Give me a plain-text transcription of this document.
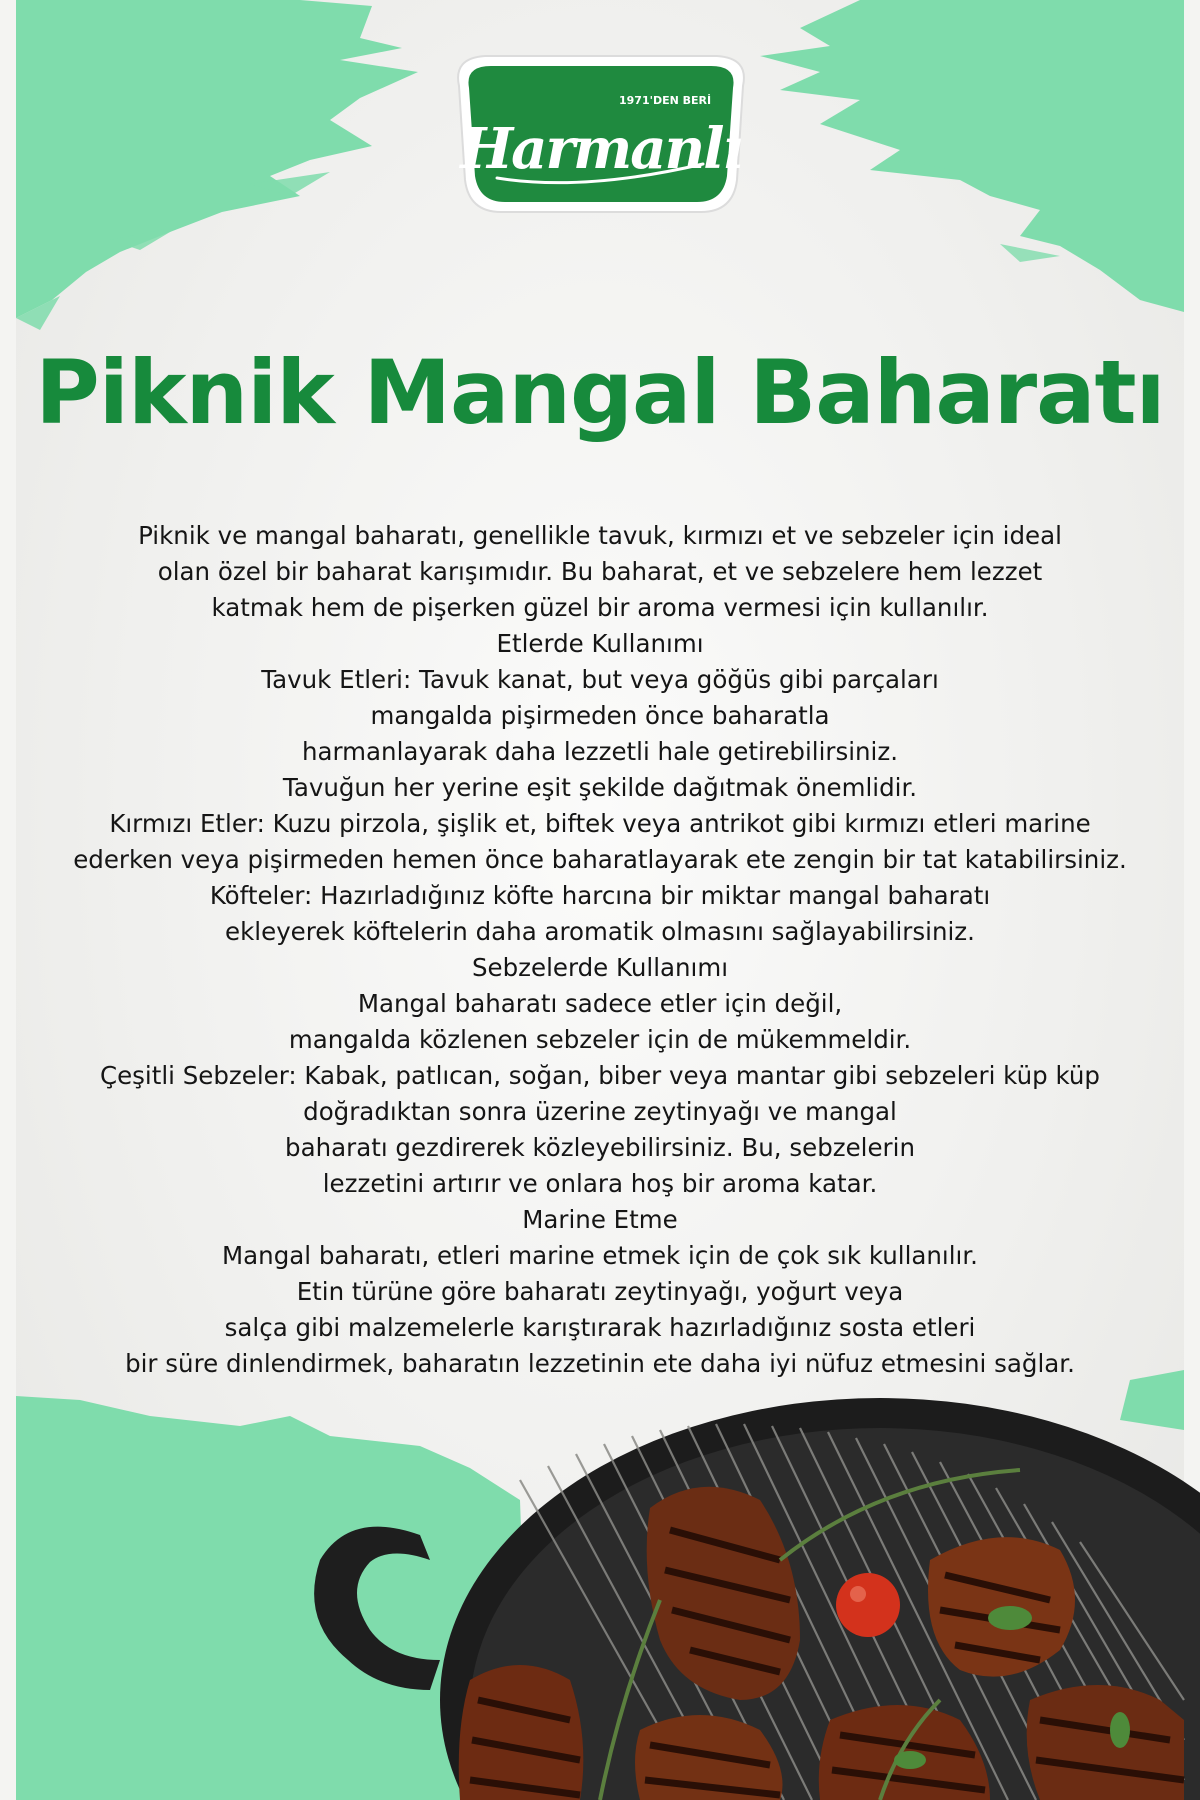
1971'DEN BERİ
Harmanlı
Piknik Mangal Baharatı
Piknik ve mangal baharatı, genellikle tavuk, kırmızı et ve sebzeler için ideal
olan özel bir baharat karışımıdır. Bu baharat, et ve sebzelere hem lezzet
katmak hem de pişerken güzel bir aroma vermesi için kullanılır.
Etlerde Kullanımı
Tavuk Etleri: Tavuk kanat, but veya göğüs gibi parçaları
mangalda pişirmeden önce baharatla
harmanlayarak daha lezzetli hale getirebilirsiniz.
Tavuğun her yerine eşit şekilde dağıtmak önemlidir.
Kırmızı Etler: Kuzu pirzola, şişlik et, biftek veya antrikot gibi kırmızı etleri marine
ederken veya pişirmeden hemen önce baharatlayarak ete zengin bir tat katabilirsiniz.
Köfteler: Hazırladığınız köfte harcına bir miktar mangal baharatı
ekleyerek köftelerin daha aromatik olmasını sağlayabilirsiniz.
Sebzelerde Kullanımı
Mangal baharatı sadece etler için değil,
mangalda közlenen sebzeler için de mükemmeldir.
Çeşitli Sebzeler: Kabak, patlıcan, soğan, biber veya mantar gibi sebzeleri küp küp
doğradıktan sonra üzerine zeytinyağı ve mangal
baharatı gezdirerek közleyebilirsiniz. Bu, sebzelerin
lezzetini artırır ve onlara hoş bir aroma katar.
Marine Etme
Mangal baharatı, etleri marine etmek için de çok sık kullanılır.
Etin türüne göre baharatı zeytinyağı, yoğurt veya
salça gibi malzemelerle karıştırarak hazırladığınız sosta etleri
bir süre dinlendirmek, baharatın lezzetinin ete daha iyi nüfuz etmesini sağlar.
